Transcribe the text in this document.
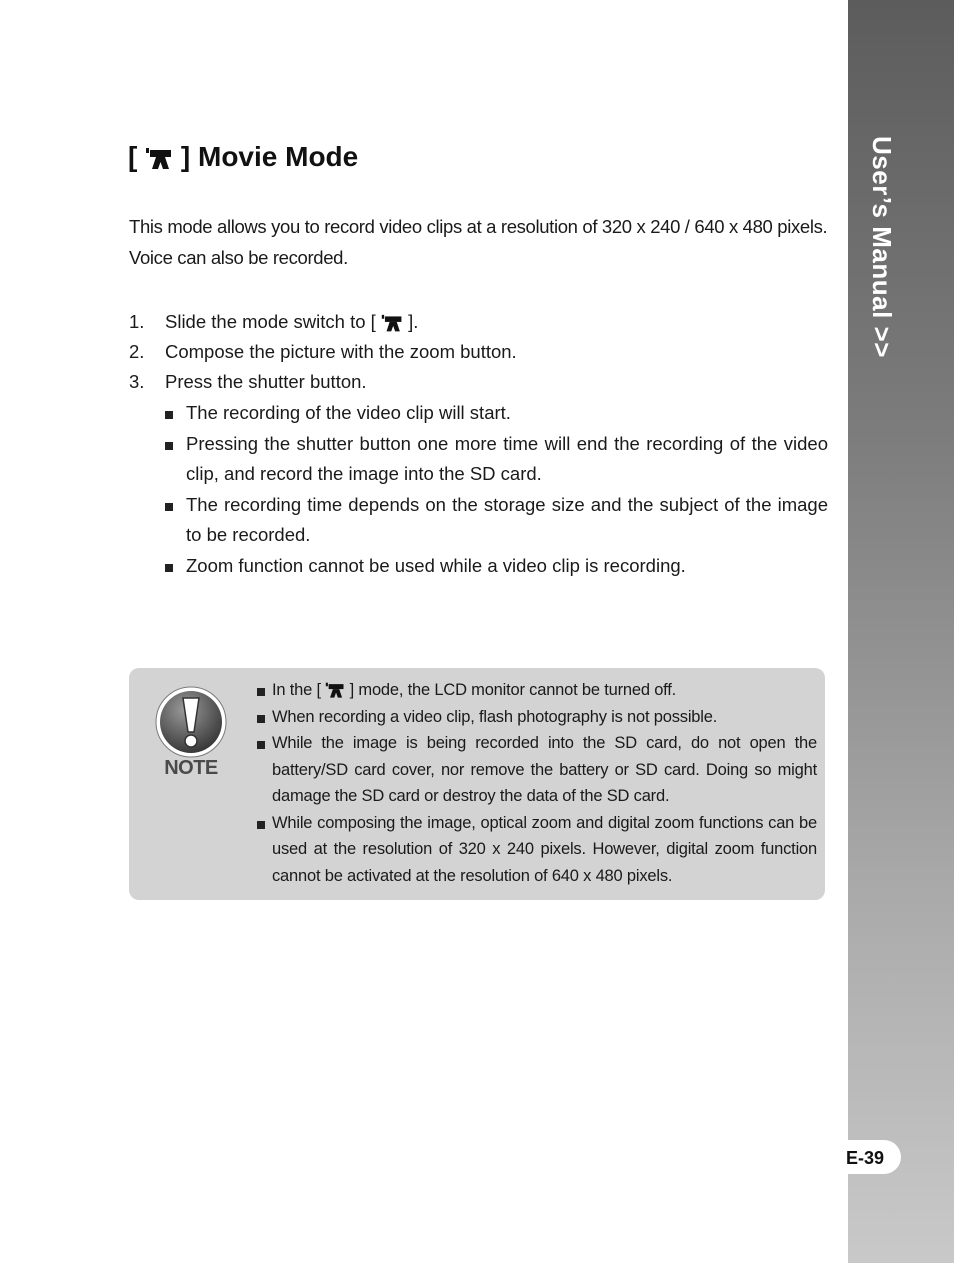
User’s Manual >>
E-39
[ ] Movie Mode

This mode allows you to record video clips at a resolution of 320 x 240 / 640 x 480 pixels. Voice can also be recorded.

1.	Slide the mode switch to [ ].
2.	Compose the picture with the zoom button.
3.	Press the shutter button.
The recording of the video clip will start.
Pressing the shutter button one more time will end the recording of the video clip, and record the image into the SD card.
The recording time depends on the storage size and the subject of the image to be recorded.
Zoom function cannot be used while a video clip is recording.
NOTE
In the [ ] mode, the LCD monitor cannot be turned off.
When recording a video clip, flash photography is not possible.
While the image is being recorded into the SD card, do not open the battery/SD card cover, nor remove the battery or SD card. Doing so might damage the SD card or destroy the data of the SD card.
While composing the image, optical zoom and digital zoom functions can be used at the resolution of 320 x 240 pixels. However, digital zoom function cannot be activated at the resolution of 640 x 480 pixels.
